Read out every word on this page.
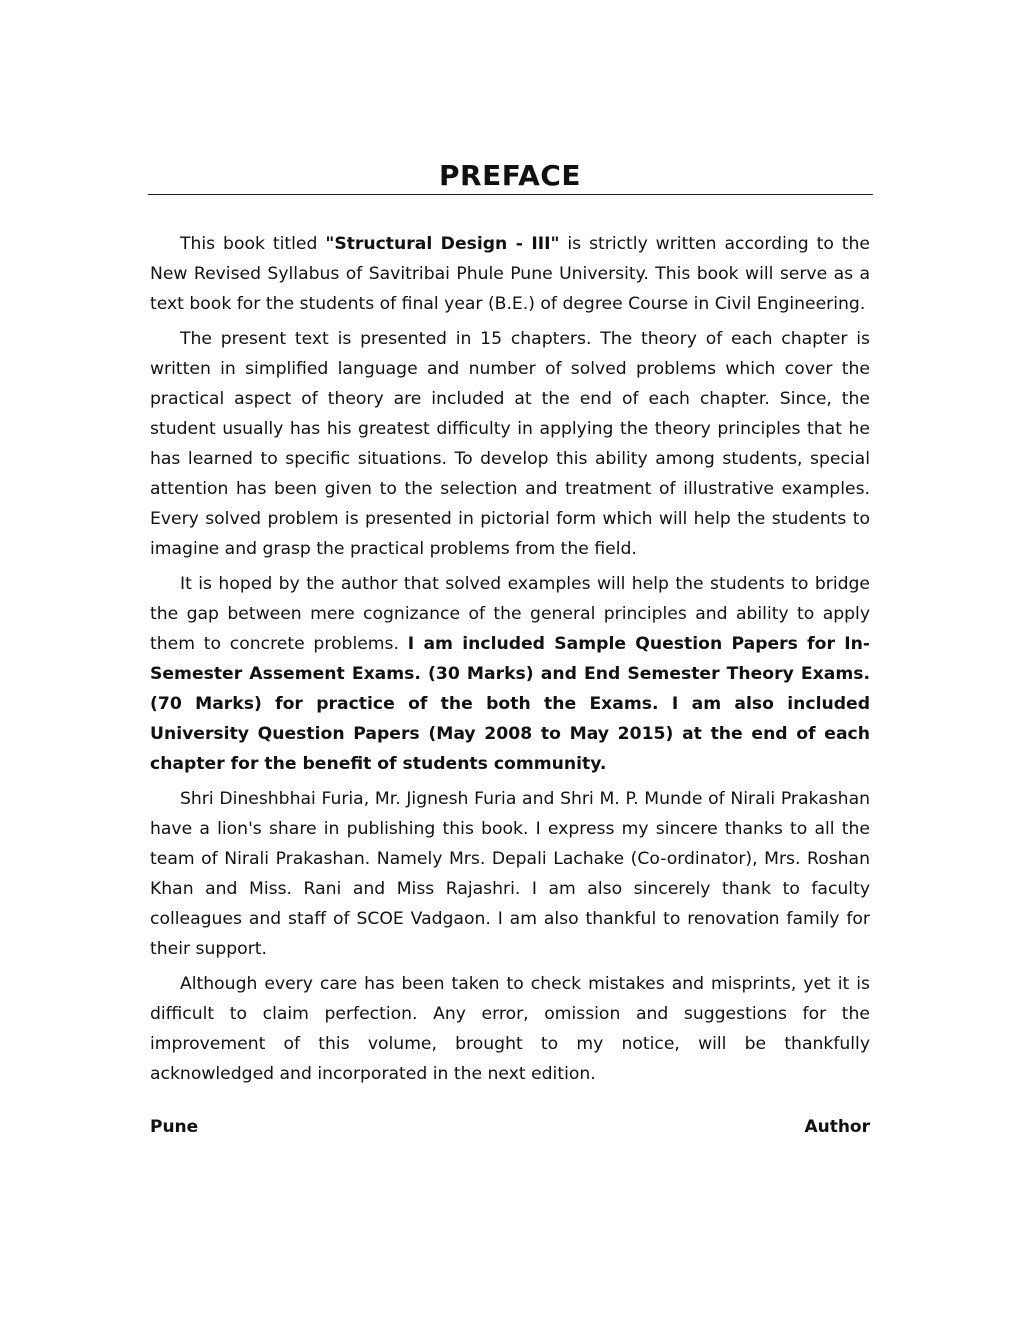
PREFACE

This book titled "Structural Design - III" is strictly written according to the New Revised Syllabus of Savitribai Phule Pune University. This book will serve as a text book for the students of final year (B.E.) of degree Course in Civil Engineering.

The present text is presented in 15 chapters. The theory of each chapter is written in simplified language and number of solved problems which cover the practical aspect of theory are included at the end of each chapter. Since, the student usually has his greatest difficulty in applying the theory principles that he has learned to specific situations. To develop this ability among students, special attention has been given to the selection and treatment of illustrative examples. Every solved problem is presented in pictorial form which will help the students to imagine and grasp the practical problems from the field.

It is hoped by the author that solved examples will help the students to bridge the gap between mere cognizance of the general principles and ability to apply them to concrete problems. I am included Sample Question Papers for In-Semester Assement Exams. (30 Marks) and End Semester Theory Exams. (70 Marks) for practice of the both the Exams. I am also included University Question Papers (May 2008 to May 2015) at the end of each chapter for the benefit of students community.

Shri Dineshbhai Furia, Mr. Jignesh Furia and Shri M. P. Munde of Nirali Prakashan have a lion's share in publishing this book. I express my sincere thanks to all the team of Nirali Prakashan. Namely Mrs. Depali Lachake (Co-ordinator), Mrs. Roshan Khan and Miss. Rani and Miss Rajashri. I am also sincerely thank to faculty colleagues and staff of SCOE Vadgaon. I am also thankful to renovation family for their support.

Although every care has been taken to check mistakes and misprints, yet it is difficult to claim perfection. Any error, omission and suggestions for the improvement of this volume, brought to my notice, will be thankfully acknowledged and incorporated in the next edition.

Pune	Author
